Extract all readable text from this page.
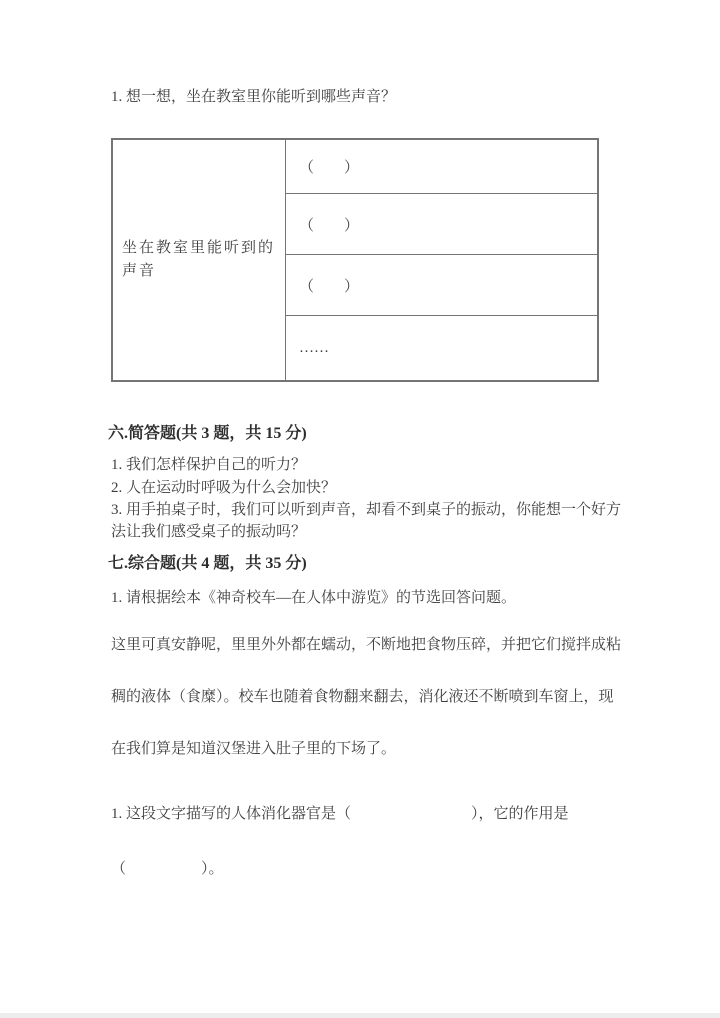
1. 想一想，坐在教室里你能听到哪些声音？
坐在教室里能听到的声音
（　　）
（　　）
（　　）
……
六.简答题(共 3 题，共 15 分)
1. 我们怎样保护自己的听力？
2. 人在运动时呼吸为什么会加快？
3. 用手拍桌子时，我们可以听到声音，却看不到桌子的振动，你能想一个好方
法让我们感受桌子的振动吗？
七.综合题(共 4 题，共 35 分)
1. 请根据绘本《神奇校车—在人体中游览》的节选回答问题。
这里可真安静呢，里里外外都在蠕动，不断地把食物压碎，并把它们搅拌成粘
稠的液体（食糜）。校车也随着食物翻来翻去，消化液还不断喷到车窗上，现
在我们算是知道汉堡进入肚子里的下场了。
1. 这段文字描写的人体消化器官是（　　　　　　　　），它的作用是
（　　　　　）。
